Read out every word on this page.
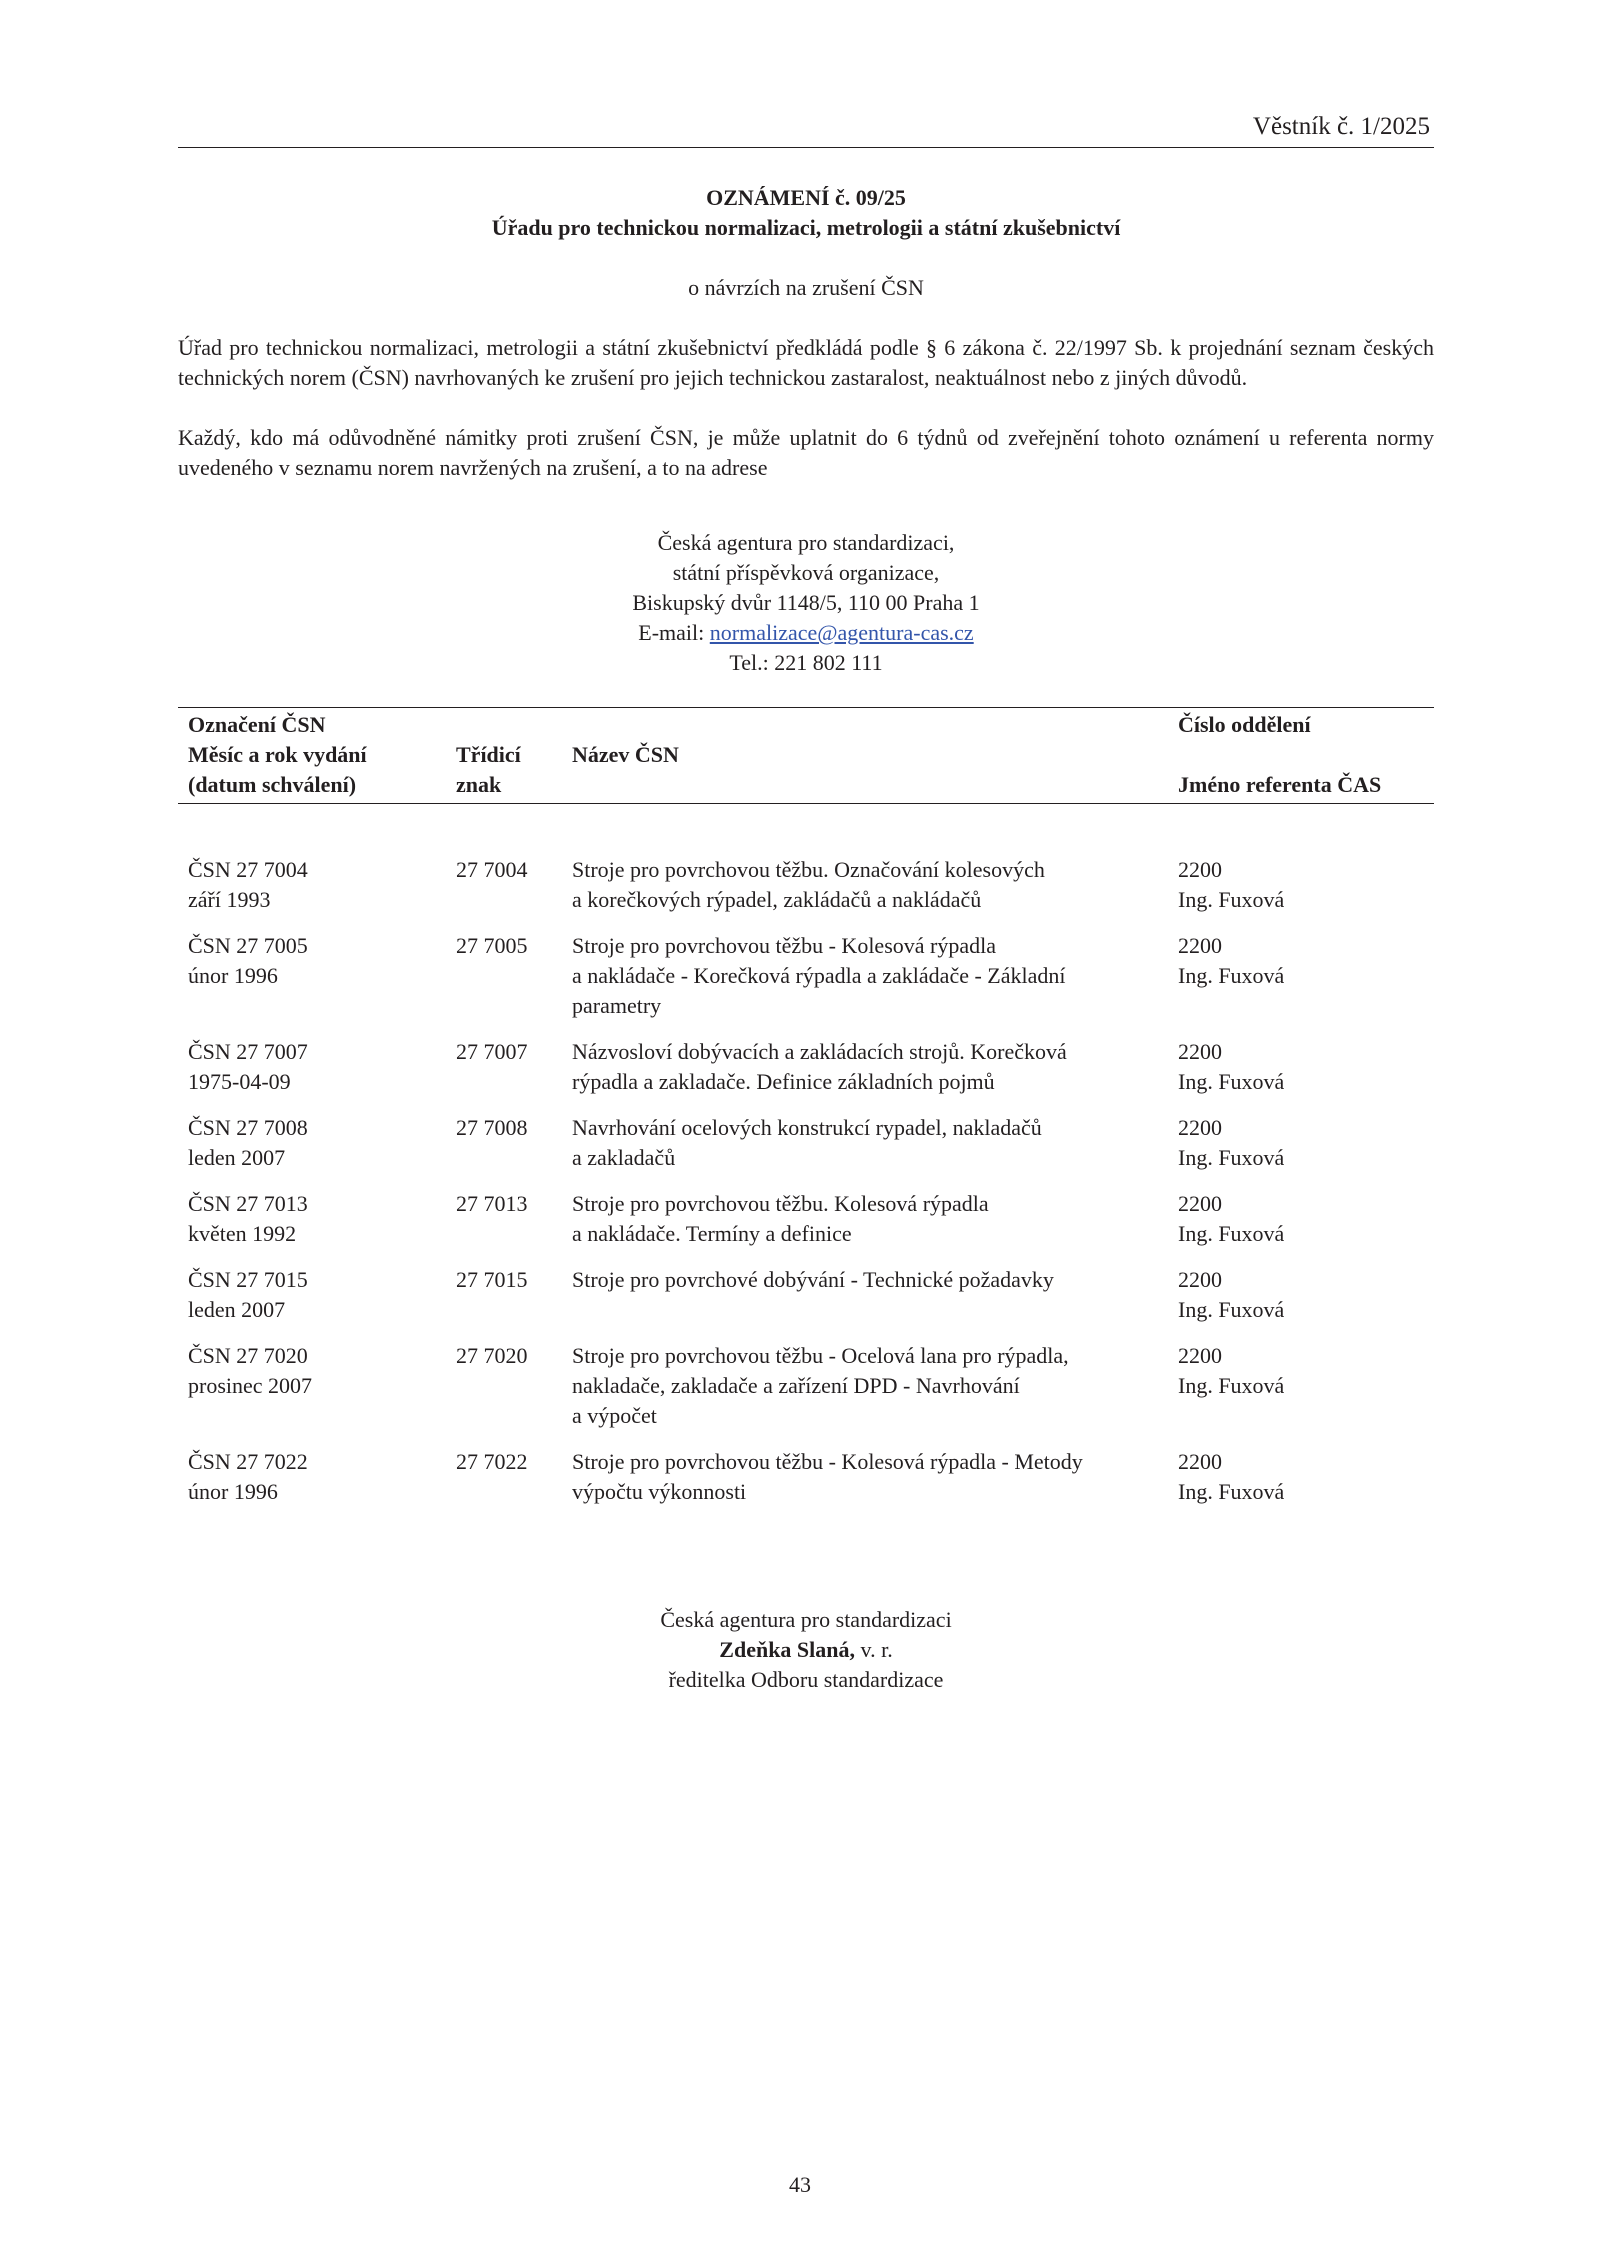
Věstník č. 1/2025
OZNÁMENÍ č. 09/25
Úřadu pro technickou normalizaci, metrologii a státní zkušebnictví
o návrzích na zrušení ČSN
Úřad pro technickou normalizaci, metrologii a státní zkušebnictví předkládá podle § 6 zákona č. 22/1997 Sb. k projednání seznam českých technických norem (ČSN) navrhovaných ke zrušení pro jejich technickou zastaralost, neaktuálnost nebo z jiných důvodů.
Každý, kdo má odůvodněné námitky proti zrušení ČSN, je může uplatnit do 6 týdnů od zveřejnění tohoto oznámení u referenta normy uvedeného v seznamu norem navržených na zrušení, a to na adrese
Česká agentura pro standardizaci,
státní příspěvková organizace,
Biskupský dvůr 1148/5, 110 00 Praha 1
E-mail: normalizace@agentura-cas.cz
Tel.: 221 802 111
Označení ČSN
Měsíc a rok vydání
(datum schválení)
Třídicí
znak
Název ČSN
Číslo oddělení
Jméno referenta ČAS
ČSN 27 7004
září 1993
27 7004 Stroje pro povrchovou těžbu. Označování kolesových
a korečkových rýpadel, zakládačů a nakládačů
2200
Ing. Fuxová
ČSN 27 7005
únor 1996
27 7005 Stroje pro povrchovou těžbu - Kolesová rýpadla
a nakládače - Korečková rýpadla a zakládače - Základní
parametry
2200
Ing. Fuxová
ČSN 27 7007
1975-04-09
27 7007 Názvosloví dobývacích a zakládacích strojů. Korečková
rýpadla a zakladače. Definice základních pojmů
2200
Ing. Fuxová
ČSN 27 7008
leden 2007
27 7008 Navrhování ocelových konstrukcí rypadel, nakladačů
a zakladačů
2200
Ing. Fuxová
ČSN 27 7013
květen 1992
27 7013 Stroje pro povrchovou těžbu. Kolesová rýpadla
a nakládače. Termíny a definice
2200
Ing. Fuxová
ČSN 27 7015
leden 2007
27 7015 Stroje pro povrchové dobývání - Technické požadavky	2200
Ing. Fuxová
ČSN 27 7020
prosinec 2007
27 7020 Stroje pro povrchovou těžbu - Ocelová lana pro rýpadla,
nakladače, zakladače a zařízení DPD - Navrhování
a výpočet
2200
Ing. Fuxová
ČSN 27 7022
únor 1996
27 7022 Stroje pro povrchovou těžbu - Kolesová rýpadla - Metody
výpočtu výkonnosti
2200
Ing. Fuxová
Česká agentura pro standardizaci
Zdeňka Slaná, v. r.
ředitelka Odboru standardizace
43
